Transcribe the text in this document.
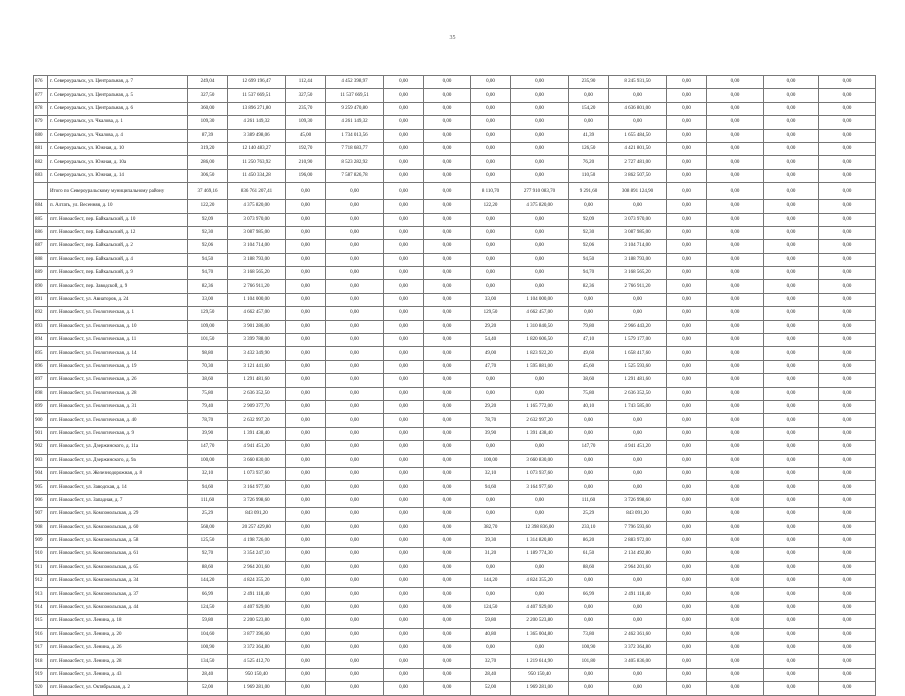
35
876	г. Североуральск, ул. Центральная, д. 7	249,04	12 699 196,47	112,44	4 452 398,97	0,00	0,00	0,00	0,00	235,90	8 245 931,50	0,00	0,00	0,00	0,00
877	г. Североуральск, ул. Центральная, д. 5	327,50	11 537 669,51	327,50	11 537 669,51	0,00	0,00	0,00	0,00	0,00	0,00	0,00	0,00	0,00	0,00
878	г. Североуральск, ул. Центральная, д. 6	360,00	13 896 271,80	235,70	9 259 470,80	0,00	0,00	0,00	0,00	154,20	4 636 801,00	0,00	0,00	0,00	0,00
879	г. Североуральск, ул. Чкалова, д. 1	109,30	4 261 149,32	109,30	4 261 149,32	0,00	0,00	0,00	0,00	0,00	0,00	0,00	0,00	0,00	0,00
880	г. Североуральск, ул. Чкалова, д. 4	87,39	3 389 498,06	45,00	1 734 013,56	0,00	0,00	0,00	0,00	41,39	1 655 484,50	0,00	0,00	0,00	0,00
881	г. Североуральск, ул. Южная, д. 10	319,20	12 140 483,27	192,70	7 718 683,77	0,00	0,00	0,00	0,00	126,50	4 421 801,50	0,00	0,00	0,00	0,00
882	г. Североуральск, ул. Южная, д. 10а	286,00	11 250 763,92	210,90	8 523 282,92	0,00	0,00	0,00	0,00	76,20	2 727 481,00	0,00	0,00	0,00	0,00
883	г. Североуральск, ул. Южная, д. 14	306,50	11 450 334,28	196,00	7 587 826,78	0,00	0,00	0,00	0,00	110,50	3 862 507,50	0,00	0,00	0,00	0,00
	Итого по Североуральскому муниципальному району	37 469,16	836 761 207,41	0,00	0,00	0,00	0,00	8 110,70	277 910 083,70	9 291,60	308 891 124,90	0,00	0,00	0,00	0,00
884	п. Алтать, ул. Весенняя, д. 10	122,20	4 375 820,00	0,00	0,00	0,00	0,00	122,20	4 375 820,00	0,00	0,00	0,00	0,00	0,00	0,00
885	пгт. Новоасбест, пер. Байкальский, д. 10	92,09	3 073 970,00	0,00	0,00	0,00	0,00	0,00	0,00	92,09	3 073 970,00	0,00	0,00	0,00	0,00
886	пгт. Новоасбест, пер. Байкальский, д. 12	92,30	3 087 985,00	0,00	0,00	0,00	0,00	0,00	0,00	92,30	3 087 985,00	0,00	0,00	0,00	0,00
887	пгт. Новоасбест, пер. Байкальский, д. 2	92,06	3 104 714,00	0,00	0,00	0,00	0,00	0,00	0,00	92,06	3 104 714,00	0,00	0,00	0,00	0,00
888	пгт. Новоасбест, пер. Байкальский, д. 4	94,50	3 188 793,00	0,00	0,00	0,00	0,00	0,00	0,00	94,50	3 188 793,00	0,00	0,00	0,00	0,00
889	пгт. Новоасбест, пер. Байкальский, д. 9	94,70	3 168 565,20	0,00	0,00	0,00	0,00	0,00	0,00	94,70	3 168 565,20	0,00	0,00	0,00	0,00
890	пгт. Новоасбест, пер. Заводской, д. 9	82,36	2 766 911,20	0,00	0,00	0,00	0,00	0,00	0,00	82,36	2 766 911,20	0,00	0,00	0,00	0,00
891	пгт. Новоасбест, ул. Авиаторов, д. 24	33,00	1 104 000,00	0,00	0,00	0,00	0,00	33,00	1 104 000,00	0,00	0,00	0,00	0,00	0,00	0,00
892	пгт. Новоасбест, ул. Геологическая, д. 1	129,50	4 662 457,00	0,00	0,00	0,00	0,00	129,50	4 662 457,00	0,00	0,00	0,00	0,00	0,00	0,00
893	пгт. Новоасбест, ул. Геологическая, д. 10	109,00	3 901 286,00	0,00	0,00	0,00	0,00	29,20	1 310 840,50	79,80	2 966 443,20	0,00	0,00	0,00	0,00
894	пгт. Новоасбест, ул. Геологическая, д. 11	101,50	3 399 788,00	0,00	0,00	0,00	0,00	54,40	1 820 606,50	47,10	1 579 177,00	0,00	0,00	0,00	0,00
895	пгт. Новоасбест, ул. Геологическая, д. 14	98,80	3 432 349,90	0,00	0,00	0,00	0,00	49,00	1 823 922,20	49,60	1 658 417,60	0,00	0,00	0,00	0,00
896	пгт. Новоасбест, ул. Геологическая, д. 19	70,30	3 121 441,60	0,00	0,00	0,00	0,00	47,70	1 595 881,00	45,60	1 525 593,60	0,00	0,00	0,00	0,00
897	пгт. Новоасбест, ул. Геологическая, д. 26	38,60	1 291 481,60	0,00	0,00	0,00	0,00	0,00	0,00	38,60	1 291 481,60	0,00	0,00	0,00	0,00
898	пгт. Новоасбест, ул. Геологическая, д. 28	75,80	2 636 352,50	0,00	0,00	0,00	0,00	0,00	0,00	75,80	2 636 352,50	0,00	0,00	0,00	0,00
899	пгт. Новоасбест, ул. Геологическая, д. 31	79,40	2 909 377,70	0,00	0,00	0,00	0,00	29,20	1 165 772,00	40,10	1 743 585,00	0,00	0,00	0,00	0,00
900	пгт. Новоасбест, ул. Геологическая, д. 40	78,70	2 632 997,20	0,00	0,00	0,00	0,00	78,70	2 632 997,20	0,00	0,00	0,00	0,00	0,00	0,00
901	пгт. Новоасбест, ул. Геологическая, д. 9	39,90	1 391 438,40	0,00	0,00	0,00	0,00	39,90	1 391 438,40	0,00	0,00	0,00	0,00	0,00	0,00
902	пгт. Новоасбест, ул. Дзержинского, д. 11а	147,70	4 941 451,20	0,00	0,00	0,00	0,00	0,00	0,00	147,70	4 941 451,20	0,00	0,00	0,00	0,00
903	пгт. Новоасбест, ул. Дзержинского, д. 9а	100,00	3 660 830,00	0,00	0,00	0,00	0,00	100,00	3 660 830,00	0,00	0,00	0,00	0,00	0,00	0,00
904	пгт. Новоасбест, ул. Железнодорожная, д. 8	32,10	1 073 937,60	0,00	0,00	0,00	0,00	32,10	1 073 937,60	0,00	0,00	0,00	0,00	0,00	0,00
905	пгт. Новоасбест, ул. Заводская, д. 14	94,60	3 164 977,60	0,00	0,00	0,00	0,00	94,60	3 164 977,60	0,00	0,00	0,00	0,00	0,00	0,00
906	пгт. Новоасбест, ул. Западная, д. 7	111,60	3 726 998,60	0,00	0,00	0,00	0,00	0,00	0,00	111,60	3 726 998,60	0,00	0,00	0,00	0,00
907	пгт. Новоасбест, ул. Комсомольская, д. 29	25,29	843 091,20	0,00	0,00	0,00	0,00	0,00	0,00	25,29	843 091,20	0,00	0,00	0,00	0,00
908	пгт. Новоасбест, ул. Комсомольская, д. 60	568,00	20 257 429,80	0,00	0,00	0,00	0,00	382,70	12 398 836,00	233,10	7 796 593,60	0,00	0,00	0,00	0,00
909	пгт. Новоасбест, ул. Комсомольская, д. 58	125,50	4 198 726,00	0,00	0,00	0,00	0,00	39,30	1 314 820,80	86,20	2 883 972,00	0,00	0,00	0,00	0,00
910	пгт. Новоасбест, ул. Комсомольская, д. 61	92,70	3 354 247,10	0,00	0,00	0,00	0,00	31,20	1 189 774,30	61,50	2 134 492,80	0,00	0,00	0,00	0,00
911	пгт. Новоасбест, ул. Комсомольская, д. 65	88,60	2 964 201,60	0,00	0,00	0,00	0,00	0,00	0,00	88,60	2 964 201,60	0,00	0,00	0,00	0,00
912	пгт. Новоасбест, ул. Комсомольская, д. 34	144,20	4 824 355,20	0,00	0,00	0,00	0,00	144,20	4 824 355,20	0,00	0,00	0,00	0,00	0,00	0,00
913	пгт. Новоасбест, ул. Комсомольская, д. 37	66,99	2 491 118,40	0,00	0,00	0,00	0,00	0,00	0,00	66,99	2 491 118,40	0,00	0,00	0,00	0,00
914	пгт. Новоасбест, ул. Комсомольская, д. 44	124,50	4 407 929,00	0,00	0,00	0,00	0,00	124,50	4 407 929,00	0,00	0,00	0,00	0,00	0,00	0,00
915	пгт. Новоасбест, ул. Ленина, д. 18	59,80	2 200 523,80	0,00	0,00	0,00	0,00	59,80	2 200 523,80	0,00	0,00	0,00	0,00	0,00	0,00
916	пгт. Новоасбест, ул. Ленина, д. 20	104,60	3 877 396,60	0,00	0,00	0,00	0,00	40,80	1 365 004,80	73,80	2 462 361,60	0,00	0,00	0,00	0,00
917	пгт. Новоасбест, ул. Ленина, д. 26	100,90	3 372 364,80	0,00	0,00	0,00	0,00	0,00	0,00	100,90	3 372 364,80	0,00	0,00	0,00	0,00
918	пгт. Новоасбест, ул. Ленина, д. 28	134,50	4 525 412,70	0,00	0,00	0,00	0,00	32,70	1 219 614,90	101,80	3 405 836,00	0,00	0,00	0,00	0,00
919	пгт. Новоасбест, ул. Ленина, д. 43	28,40	950 150,40	0,00	0,00	0,00	0,00	28,40	950 150,40	0,00	0,00	0,00	0,00	0,00	0,00
920	пгт. Новоасбест, ул. Октябрьская, д. 2	52,00	1 969 281,00	0,00	0,00	0,00	0,00	52,00	1 969 281,00	0,00	0,00	0,00	0,00	0,00	0,00
